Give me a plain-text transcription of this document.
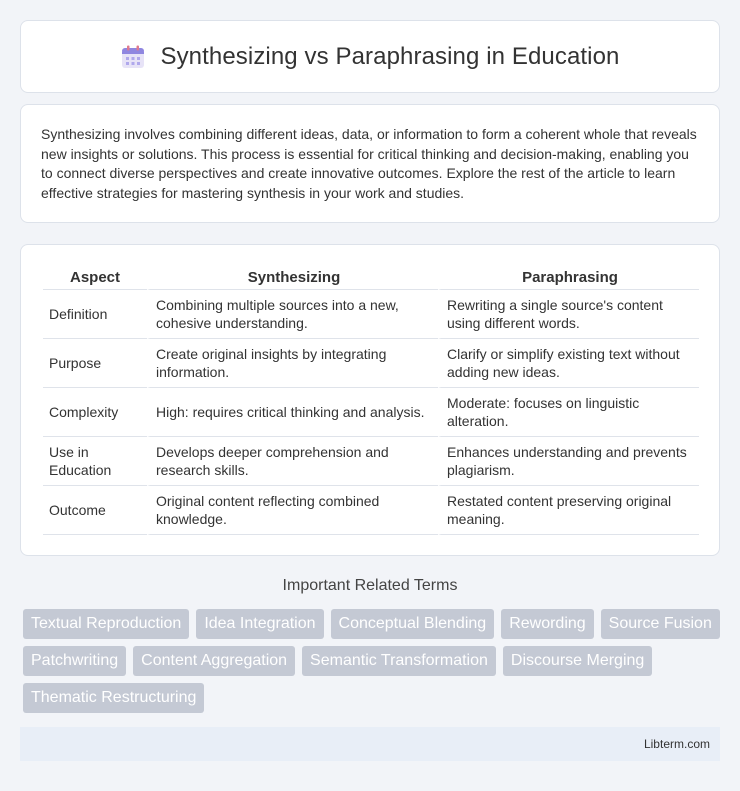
Synthesizing vs Paraphrasing in Education

Synthesizing involves combining different ideas, data, or information to form a coherent whole that reveals new insights or solutions. This process is essential for critical thinking and decision-making, enabling you to connect diverse perspectives and create innovative outcomes. Explore the rest of the article to learn effective strategies for mastering synthesis in your work and studies.

Aspect	Synthesizing	Paraphrasing
Definition	Combining multiple sources into a new, cohesive understanding.	Rewriting a single source's content using different words.
Purpose	Create original insights by integrating information.	Clarify or simplify existing text without adding new ideas.
Complexity	High: requires critical thinking and analysis.	Moderate: focuses on linguistic alteration.
Use in Education	Develops deeper comprehension and research skills.	Enhances understanding and prevents plagiarism.
Outcome	Original content reflecting combined knowledge.	Restated content preserving original meaning.
Important Related Terms
Textual Reproduction	Idea Integration	Conceptual Blending	Rewording	Source Fusion
Patchwriting	Content Aggregation	Semantic Transformation	Discourse Merging
Thematic Restructuring
Libterm.com
